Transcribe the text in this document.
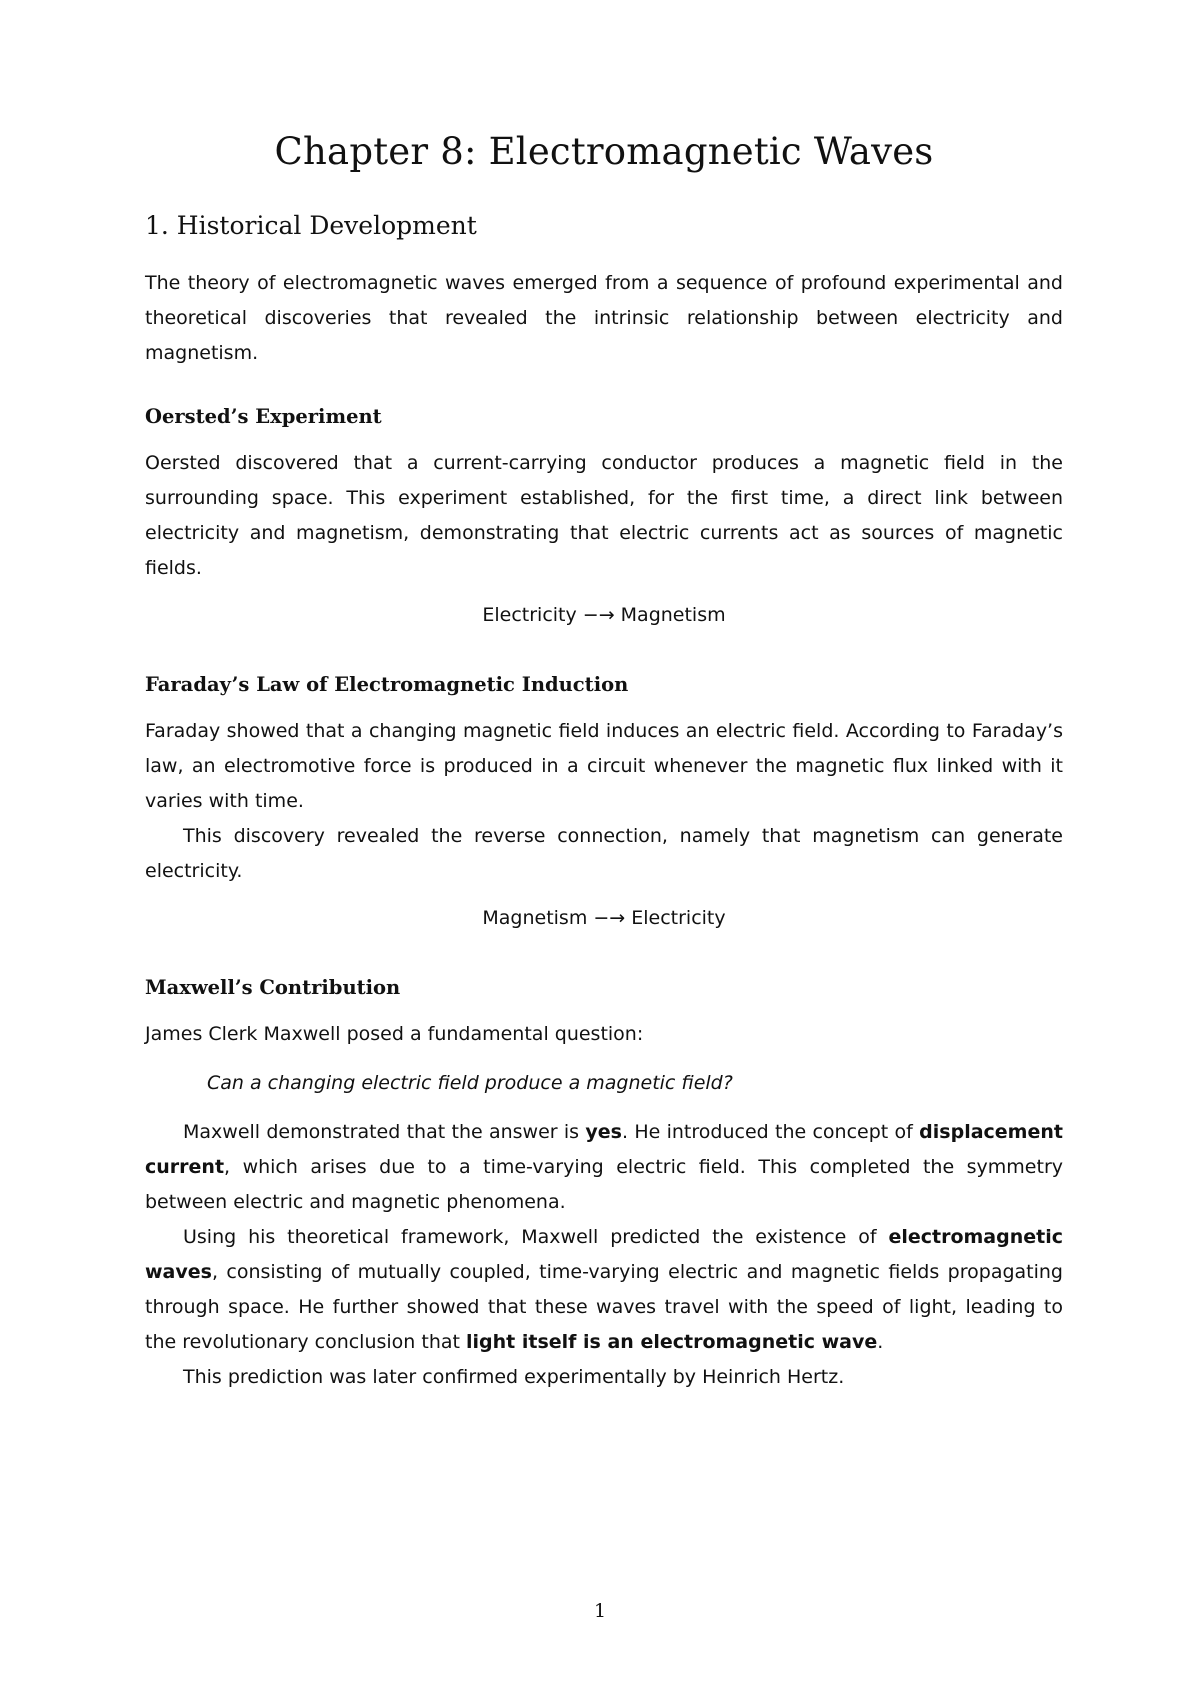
Chapter 8: Electromagnetic Waves
1. Historical Development

The theory of electromagnetic waves emerged from a sequence of profound experimental and theoretical discoveries that revealed the intrinsic relationship between electricity and magnetism.

Oersted’s Experiment

Oersted discovered that a current-carrying conductor produces a magnetic field in the surrounding space. This experiment established, for the first time, a direct link between electricity and magnetism, demonstrating that electric currents act as sources of magnetic fields.

Electricity −→ Magnetism
Faraday’s Law of Electromagnetic Induction

Faraday showed that a changing magnetic field induces an electric field. According to Faraday’s law, an electromotive force is produced in a circuit whenever the magnetic flux linked with it varies with time.

This discovery revealed the reverse connection, namely that magnetism can generate electricity.

Magnetism −→ Electricity
Maxwell’s Contribution

James Clerk Maxwell posed a fundamental question:

Can a changing electric field produce a magnetic field?

Maxwell demonstrated that the answer is yes. He introduced the concept of displacement current, which arises due to a time-varying electric field. This completed the symmetry between electric and magnetic phenomena.

Using his theoretical framework, Maxwell predicted the existence of electromagnetic waves, consisting of mutually coupled, time-varying electric and magnetic fields propagating through space. He further showed that these waves travel with the speed of light, leading to the revolutionary conclusion that light itself is an electromagnetic wave.

This prediction was later confirmed experimentally by Heinrich Hertz.

1
